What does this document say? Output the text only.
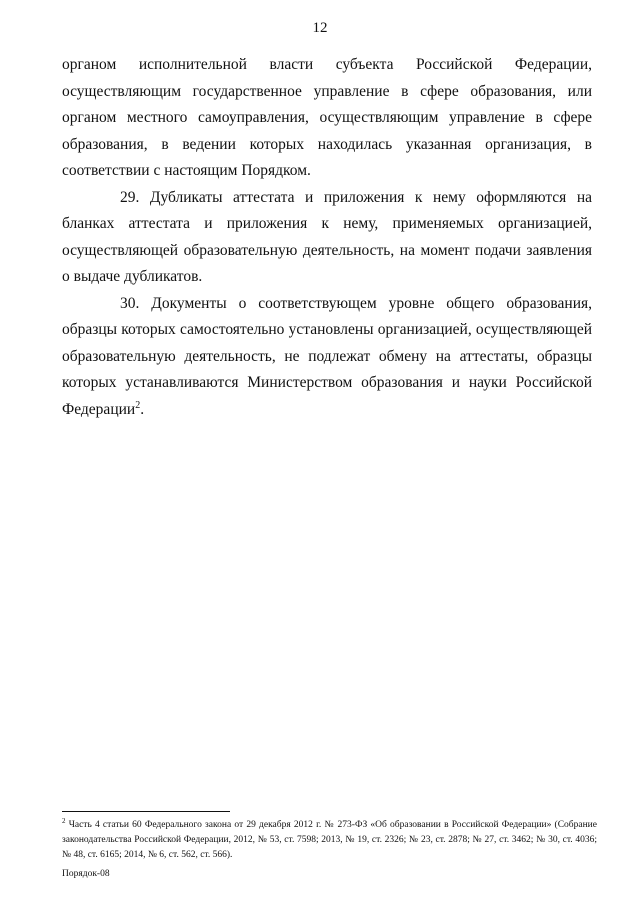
12

органом исполнительной власти субъекта Российской Федерации, осуществляющим государственное управление в сфере образования, или органом местного самоуправления, осуществляющим управление в сфере образования, в ведении которых находилась указанная организация, в соответствии с настоящим Порядком.

29. Дубликаты аттестата и приложения к нему оформляются на бланках аттестата и приложения к нему, применяемых организацией, осуществляющей образовательную деятельность, на момент подачи заявления о выдаче дубликатов.

30. Документы о соответствующем уровне общего образования, образцы которых самостоятельно установлены организацией, осуществляющей образовательную деятельность, не подлежат обмену на аттестаты, образцы которых устанавливаются Министерством образования и науки Российской Федерации$^2$.

$^2$ Часть 4 статьи 60 Федерального закона от 29 декабря 2012 г. № 273-ФЗ «Об образовании в Российской Федерации» (Собрание законодательства Российской Федерации, 2012, № 53, ст. 7598; 2013, № 19, ст. 2326; № 23, ст. 2878; № 27, ст. 3462; № 30, ст. 4036; № 48, ст. 6165; 2014, № 6, ст. 562, ст. 566).

Порядок-08
